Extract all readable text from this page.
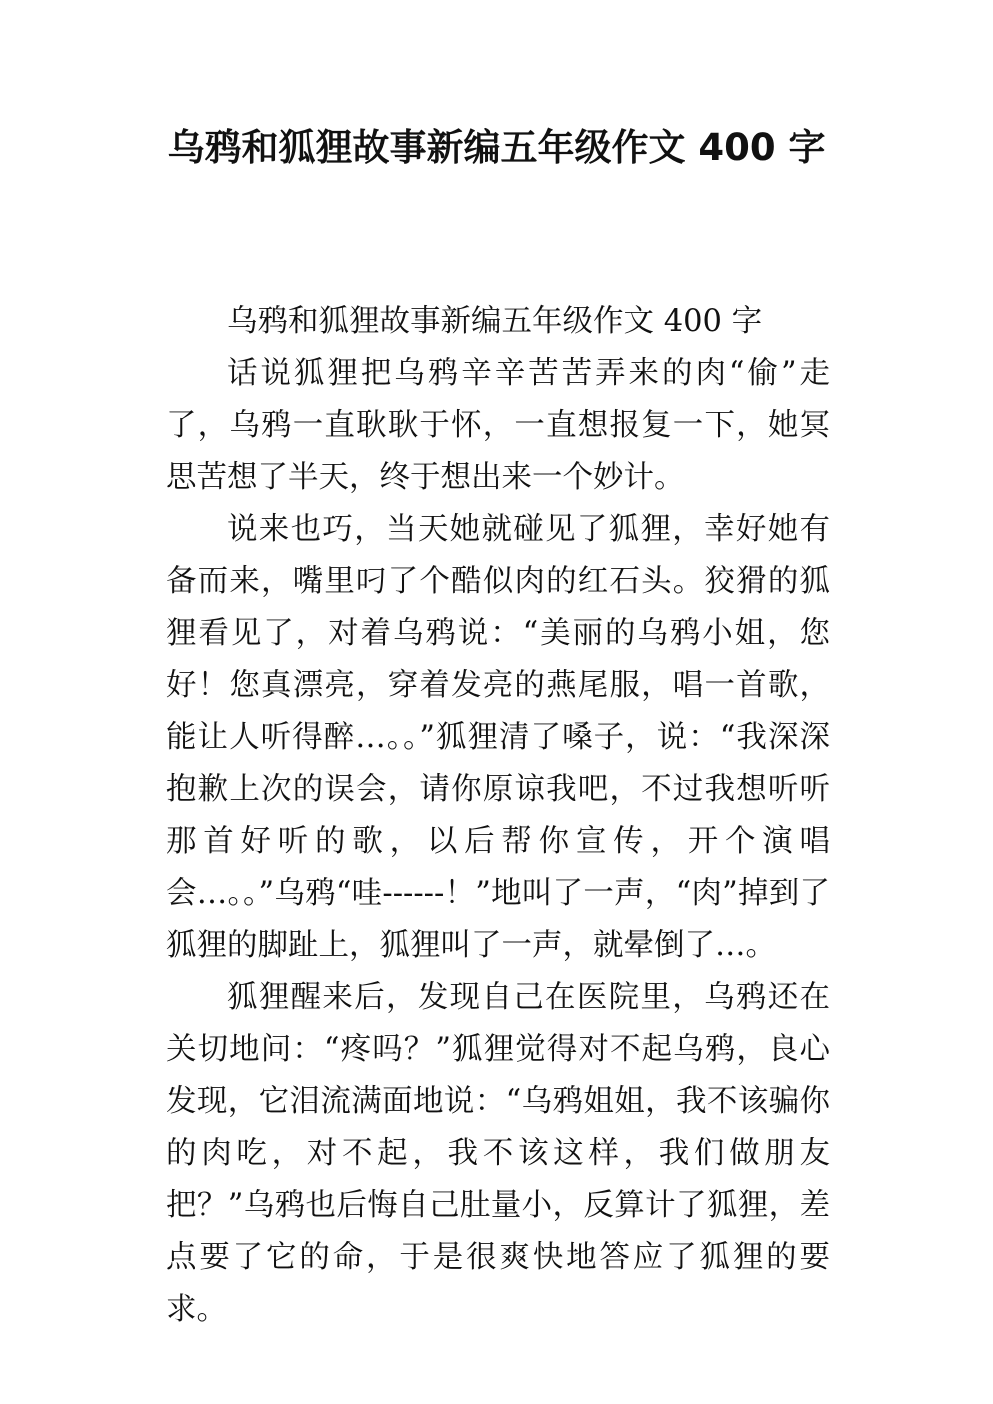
乌鸦和狐狸故事新编五年级作文 400 字

乌鸦和狐狸故事新编五年级作文 400 字

话说狐狸把乌鸦辛辛苦苦弄来的肉“偷”走了，乌鸦一直耿耿于怀，一直想报复一下，她冥思苦想了半天，终于想出来一个妙计。

说来也巧，当天她就碰见了狐狸，幸好她有备而来，嘴里叼了个酷似肉的红石头。狡猾的狐狸看见了，对着乌鸦说：“美丽的乌鸦小姐，您好！您真漂亮，穿着发亮的燕尾服，唱一首歌，能让人听得醉…。。”狐狸清了嗓子，说：“我深深抱歉上次的误会，请你原谅我吧，不过我想听听那首好听的歌，以后帮你宣传，开个演唱会…。。”乌鸦“哇------！”地叫了一声，“肉”掉到了狐狸的脚趾上，狐狸叫了一声，就晕倒了…。

狐狸醒来后，发现自己在医院里，乌鸦还在关切地问：“疼吗？”狐狸觉得对不起乌鸦，良心发现，它泪流满面地说：“乌鸦姐姐，我不该骗你的肉吃，对不起，我不该这样，我们做朋友把？”乌鸦也后悔自己肚量小，反算计了狐狸，差点要了它的命，于是很爽快地答应了狐狸的要求。
